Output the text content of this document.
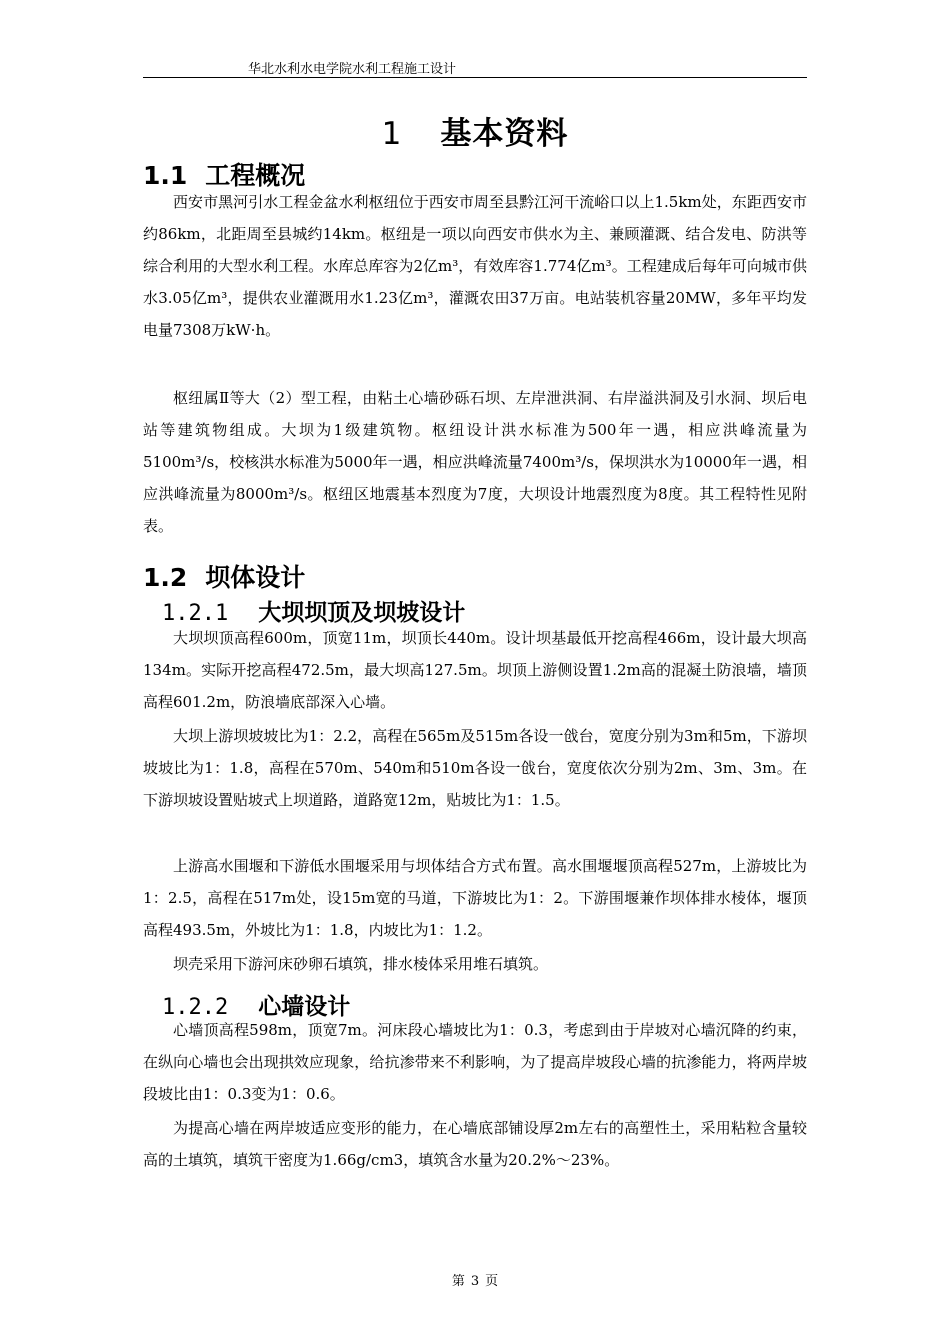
华北水利水电学院水利工程施工设计
1 基本资料
1.1 工程概况

西安市黑河引水工程金盆水利枢纽位于西安市周至县黔江河干流峪口以上1.5km处，东距西安市约86km，北距周至县城约14km。枢纽是一项以向西安市供水为主、兼顾灌溉、结合发电、防洪等综合利用的大型水利工程。水库总库容为2亿m³，有效库容1.774亿m³。工程建成后每年可向城市供水3.05亿m³，提供农业灌溉用水1.23亿m³，灌溉农田37万亩。电站装机容量20MW，多年平均发电量7308万kW·h。

枢纽属Ⅱ等大（2）型工程，由粘土心墙砂砾石坝、左岸泄洪洞、右岸溢洪洞及引水洞、坝后电站等建筑物组成。大坝为1级建筑物。枢纽设计洪水标准为500年一遇，相应洪峰流量为5100m³/s，校核洪水标准为5000年一遇，相应洪峰流量7400m³/s，保坝洪水为10000年一遇，相应洪峰流量为8000m³/s。枢纽区地震基本烈度为7度，大坝设计地震烈度为8度。其工程特性见附表。

1.2 坝体设计
1.2.1 大坝坝顶及坝坡设计

大坝坝顶高程600m，顶宽11m，坝顶长440m。设计坝基最低开挖高程466m，设计最大坝高134m。实际开挖高程472.5m，最大坝高127.5m。坝顶上游侧设置1.2m高的混凝土防浪墙，墙顶高程601.2m，防浪墙底部深入心墙。

大坝上游坝坡坡比为1：2.2，高程在565m及515m各设一戗台，宽度分别为3m和5m，下游坝坡坡比为1：1.8，高程在570m、540m和510m各设一戗台，宽度依次分别为2m、3m、3m。在下游坝坡设置贴坡式上坝道路，道路宽12m，贴坡比为1：1.5。

上游高水围堰和下游低水围堰采用与坝体结合方式布置。高水围堰堰顶高程527m，上游坡比为1：2.5，高程在517m处，设15m宽的马道，下游坡比为1：2。下游围堰兼作坝体排水棱体，堰顶高程493.5m，外坡比为1：1.8，内坡比为1：1.2。

坝壳采用下游河床砂卵石填筑，排水棱体采用堆石填筑。

1.2.2 心墙设计

心墙顶高程598m，顶宽7m。河床段心墙坡比为1：0.3，考虑到由于岸坡对心墙沉降的约束，在纵向心墙也会出现拱效应现象，给抗渗带来不利影响，为了提高岸坡段心墙的抗渗能力，将两岸坡段坡比由1：0.3变为1：0.6。

为提高心墙在两岸坡适应变形的能力，在心墙底部铺设厚2m左右的高塑性土，采用粘粒含量较高的土填筑，填筑干密度为1.66g/cm3，填筑含水量为20.2%～23%。

第 3 页
